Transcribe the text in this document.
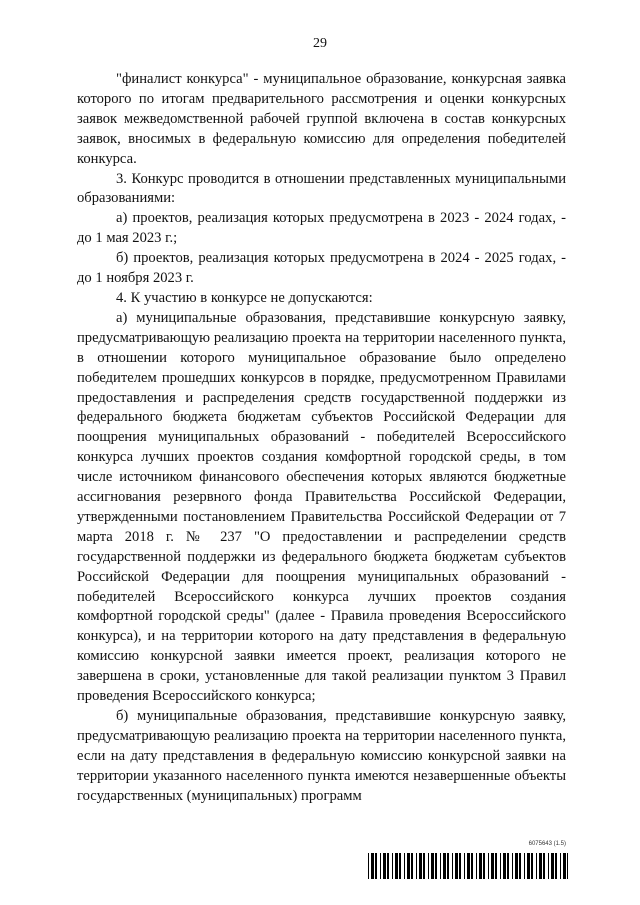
29

"финалист конкурса" - муниципальное образование, конкурсная заявка которого по итогам предварительного рассмотрения и оценки конкурсных заявок межведомственной рабочей группой включена в состав конкурсных заявок, вносимых в федеральную комиссию для определения победителей конкурса.

3. Конкурс проводится в отношении представленных муниципальными образованиями:

а) проектов, реализация которых предусмотрена в 2023 - 2024 годах, - до 1 мая 2023 г.;

б) проектов, реализация которых предусмотрена в 2024 - 2025 годах, - до 1 ноября 2023 г.

4. К участию в конкурсе не допускаются:

а) муниципальные образования, представившие конкурсную заявку, предусматривающую реализацию проекта на территории населенного пункта, в отношении которого муниципальное образование было определено победителем прошедших конкурсов в порядке, предусмотренном Правилами предоставления и распределения средств государственной поддержки из федерального бюджета бюджетам субъектов Российской Федерации для поощрения муниципальных образований - победителей Всероссийского конкурса лучших проектов создания комфортной городской среды, в том числе источником финансового обеспечения которых являются бюджетные ассигнования резервного фонда Правительства Российской Федерации, утвержденными постановлением Правительства Российской Федерации от 7 марта 2018 г. № 237 "О предоставлении и распределении средств государственной поддержки из федерального бюджета бюджетам субъектов Российской Федерации для поощрения муниципальных образований - победителей Всероссийского конкурса лучших проектов создания комфортной городской среды" (далее - Правила проведения Всероссийского конкурса), и на территории которого на дату представления в федеральную комиссию конкурсной заявки имеется проект, реализация которого не завершена в сроки, установленные для такой реализации пунктом 3 Правил проведения Всероссийского конкурса;

б) муниципальные образования, представившие конкурсную заявку, предусматривающую реализацию проекта на территории населенного пункта, если на дату представления в федеральную комиссию конкурсной заявки на территории указанного населенного пункта имеются незавершенные объекты государственных (муниципальных) программ

6075643 (1.5)
